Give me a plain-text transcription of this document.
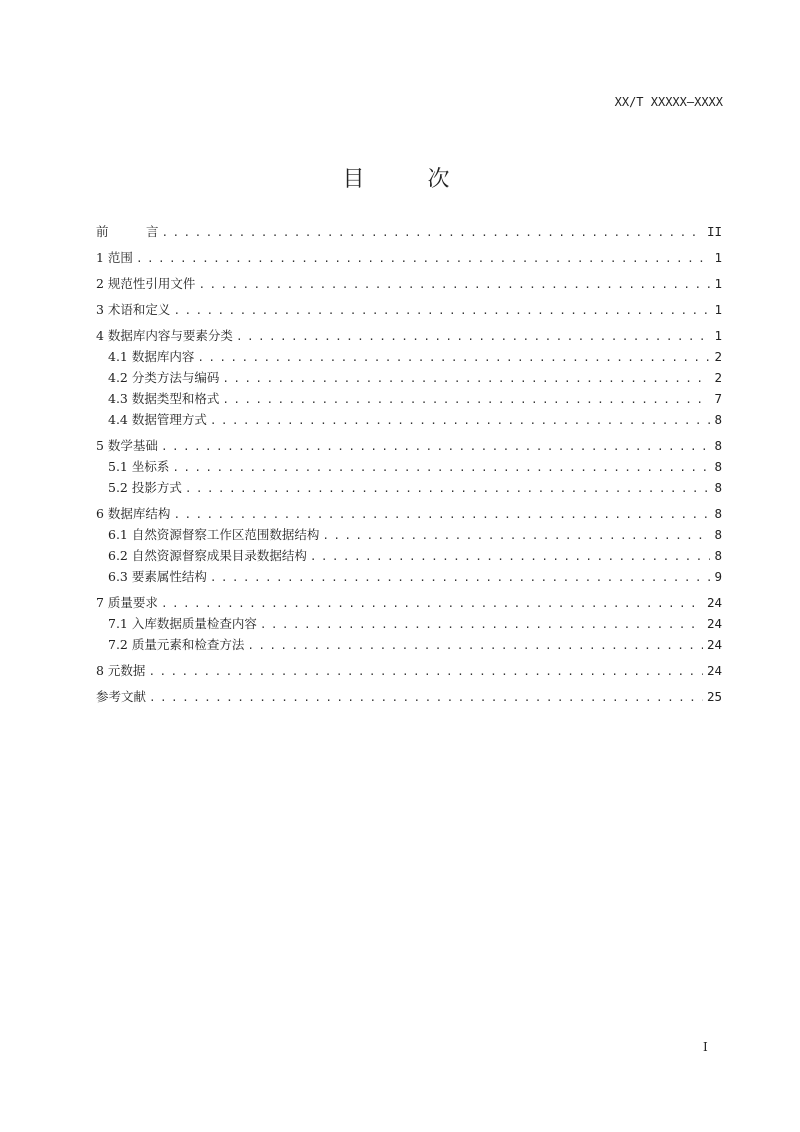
XX/T XXXXX—XXXX
目 次
前　　　言 .....	II
1 范围 .....	1
2 规范性引用文件 .....	1
3 术语和定义 .....	1
4 数据库内容与要素分类 .....	1
4.1 数据库内容 .....	2
4.2 分类方法与编码 .....	2
4.3 数据类型和格式 .....	7
4.4 数据管理方式 .....	8
5 数学基础 .....	8
5.1 坐标系 .....	8
5.2 投影方式 .....	8
6 数据库结构 .....	8
6.1 自然资源督察工作区范围数据结构 .....	8
6.2 自然资源督察成果目录数据结构 .....	8
6.3 要素属性结构 .....	9
7 质量要求 .....	24
7.1 入库数据质量检查内容 .....	24
7.2 质量元素和检查方法 .....	24
8 元数据 .....	24
参考文献 .....	25
I
